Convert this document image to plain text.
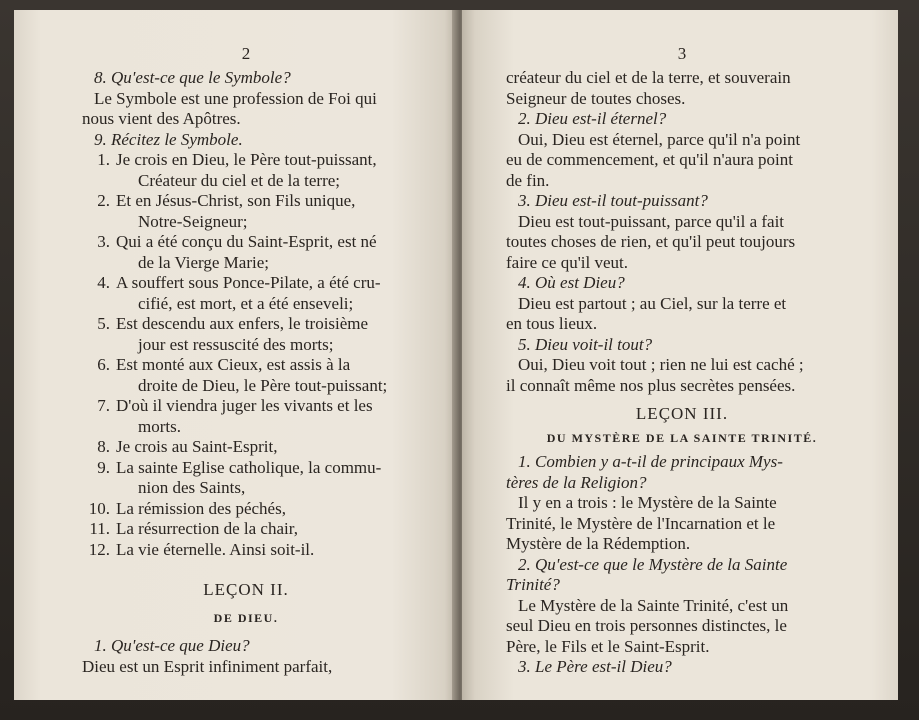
2
8. Qu'est-ce que le Symbole?
Le Symbole est une profession de Foi qui
nous vient des Apôtres.
9. Récitez le Symbole.
1. Je crois en Dieu, le Père tout-puissant,
Créateur du ciel et de la terre;
2. Et en Jésus-Christ, son Fils unique,
Notre-Seigneur;
3. Qui a été conçu du Saint-Esprit, est né
de la Vierge Marie;
4. A souffert sous Ponce-Pilate, a été cru-
cifié, est mort, et a été enseveli;
5. Est descendu aux enfers, le troisième
jour est ressuscité des morts;
6. Est monté aux Cieux, est assis à la
droite de Dieu, le Père tout-puissant;
7. D'où il viendra juger les vivants et les
morts.
8. Je crois au Saint-Esprit,
9. La sainte Eglise catholique, la commu-
nion des Saints,
10. La rémission des péchés,
11. La résurrection de la chair,
12. La vie éternelle. Ainsi soit-il.
LEÇON II.
DE DIEU.
1. Qu'est-ce que Dieu?
Dieu est un Esprit infiniment parfait,
3
créateur du ciel et de la terre, et souverain
Seigneur de toutes choses.
2. Dieu est-il éternel?
Oui, Dieu est éternel, parce qu'il n'a point
eu de commencement, et qu'il n'aura point
de fin.
3. Dieu est-il tout-puissant?
Dieu est tout-puissant, parce qu'il a fait
toutes choses de rien, et qu'il peut toujours
faire ce qu'il veut.
4. Où est Dieu?
Dieu est partout ; au Ciel, sur la terre et
en tous lieux.
5. Dieu voit-il tout?
Oui, Dieu voit tout ; rien ne lui est caché ;
il connaît même nos plus secrètes pensées.
LEÇON III.
DU MYSTÈRE DE LA SAINTE TRINITÉ.
1. Combien y a-t-il de principaux Mys-
tères de la Religion?
Il y en a trois : le Mystère de la Sainte
Trinité, le Mystère de l'Incarnation et le
Mystère de la Rédemption.
2. Qu'est-ce que le Mystère de la Sainte
Trinité?
Le Mystère de la Sainte Trinité, c'est un
seul Dieu en trois personnes distinctes, le
Père, le Fils et le Saint-Esprit.
3. Le Père est-il Dieu?
